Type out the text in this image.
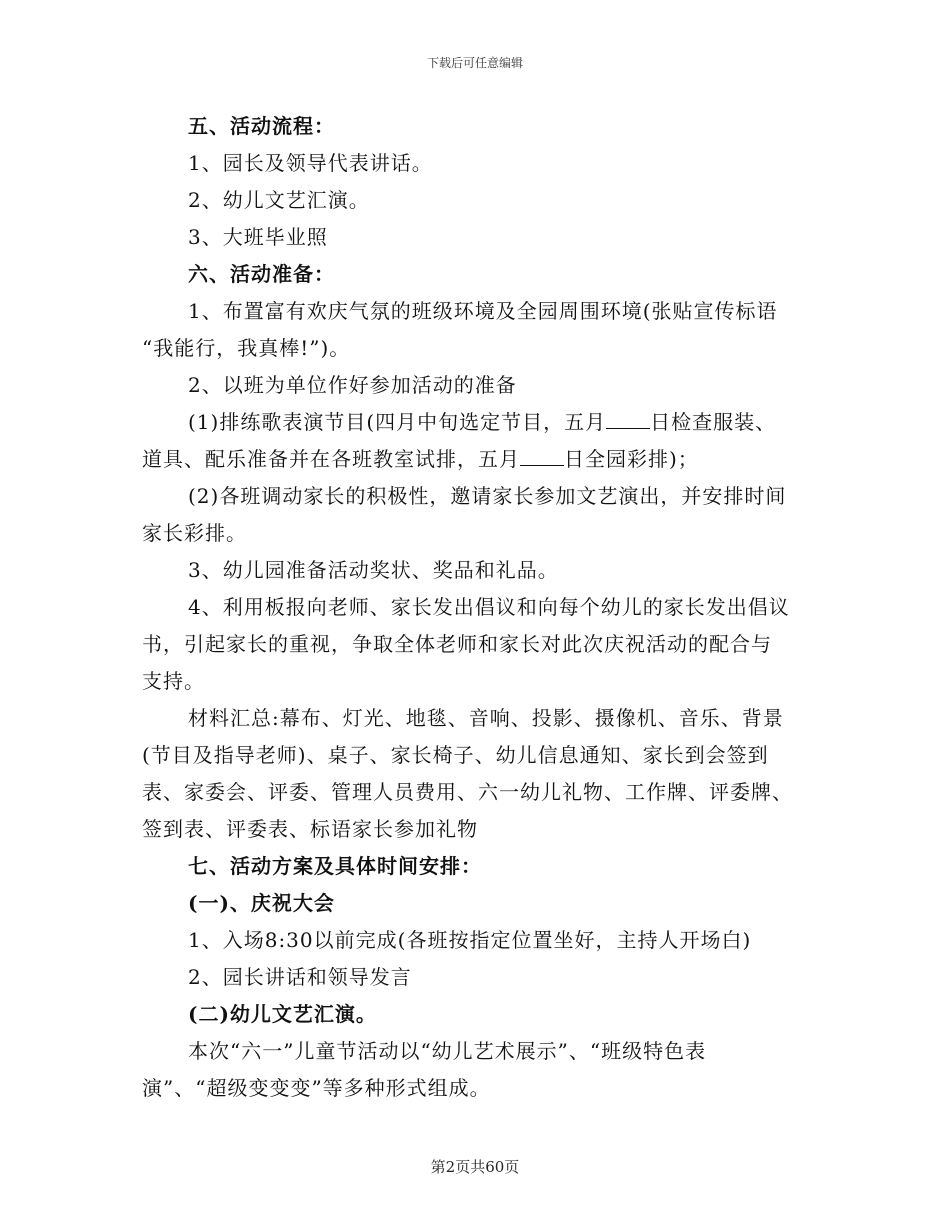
下载后可任意编辑
五、活动流程：
1、园长及领导代表讲话。
2、幼儿文艺汇演。
3、大班毕业照
六、活动准备：
1、布置富有欢庆气氛的班级环境及全园周围环境(张贴宣传标语
“我能行，我真棒!”)。
2、以班为单位作好参加活动的准备
(1)排练歌表演节目(四月中旬选定节目，五月 日检查服装、
道具、配乐准备并在各班教室试排，五月 日全园彩排)；
(2)各班调动家长的积极性，邀请家长参加文艺演出，并安排时间
家长彩排。
3、幼儿园准备活动奖状、奖品和礼品。
4、利用板报向老师、家长发出倡议和向每个幼儿的家长发出倡议
书，引起家长的重视，争取全体老师和家长对此次庆祝活动的配合与
支持。
材料汇总:幕布、灯光、地毯、音响、投影、摄像机、音乐、背景
(节目及指导老师)、桌子、家长椅子、幼儿信息通知、家长到会签到
表、家委会、评委、管理人员费用、六一幼儿礼物、工作牌、评委牌、
签到表、评委表、标语家长参加礼物
七、活动方案及具体时间安排：
(一)、庆祝大会
1、入场8:30以前完成(各班按指定位置坐好，主持人开场白)
2、园长讲话和领导发言
(二)幼儿文艺汇演。
本次“六一”儿童节活动以“幼儿艺术展示”、“班级特色表
演”、“超级变变变”等多种形式组成。
第2页共60页
